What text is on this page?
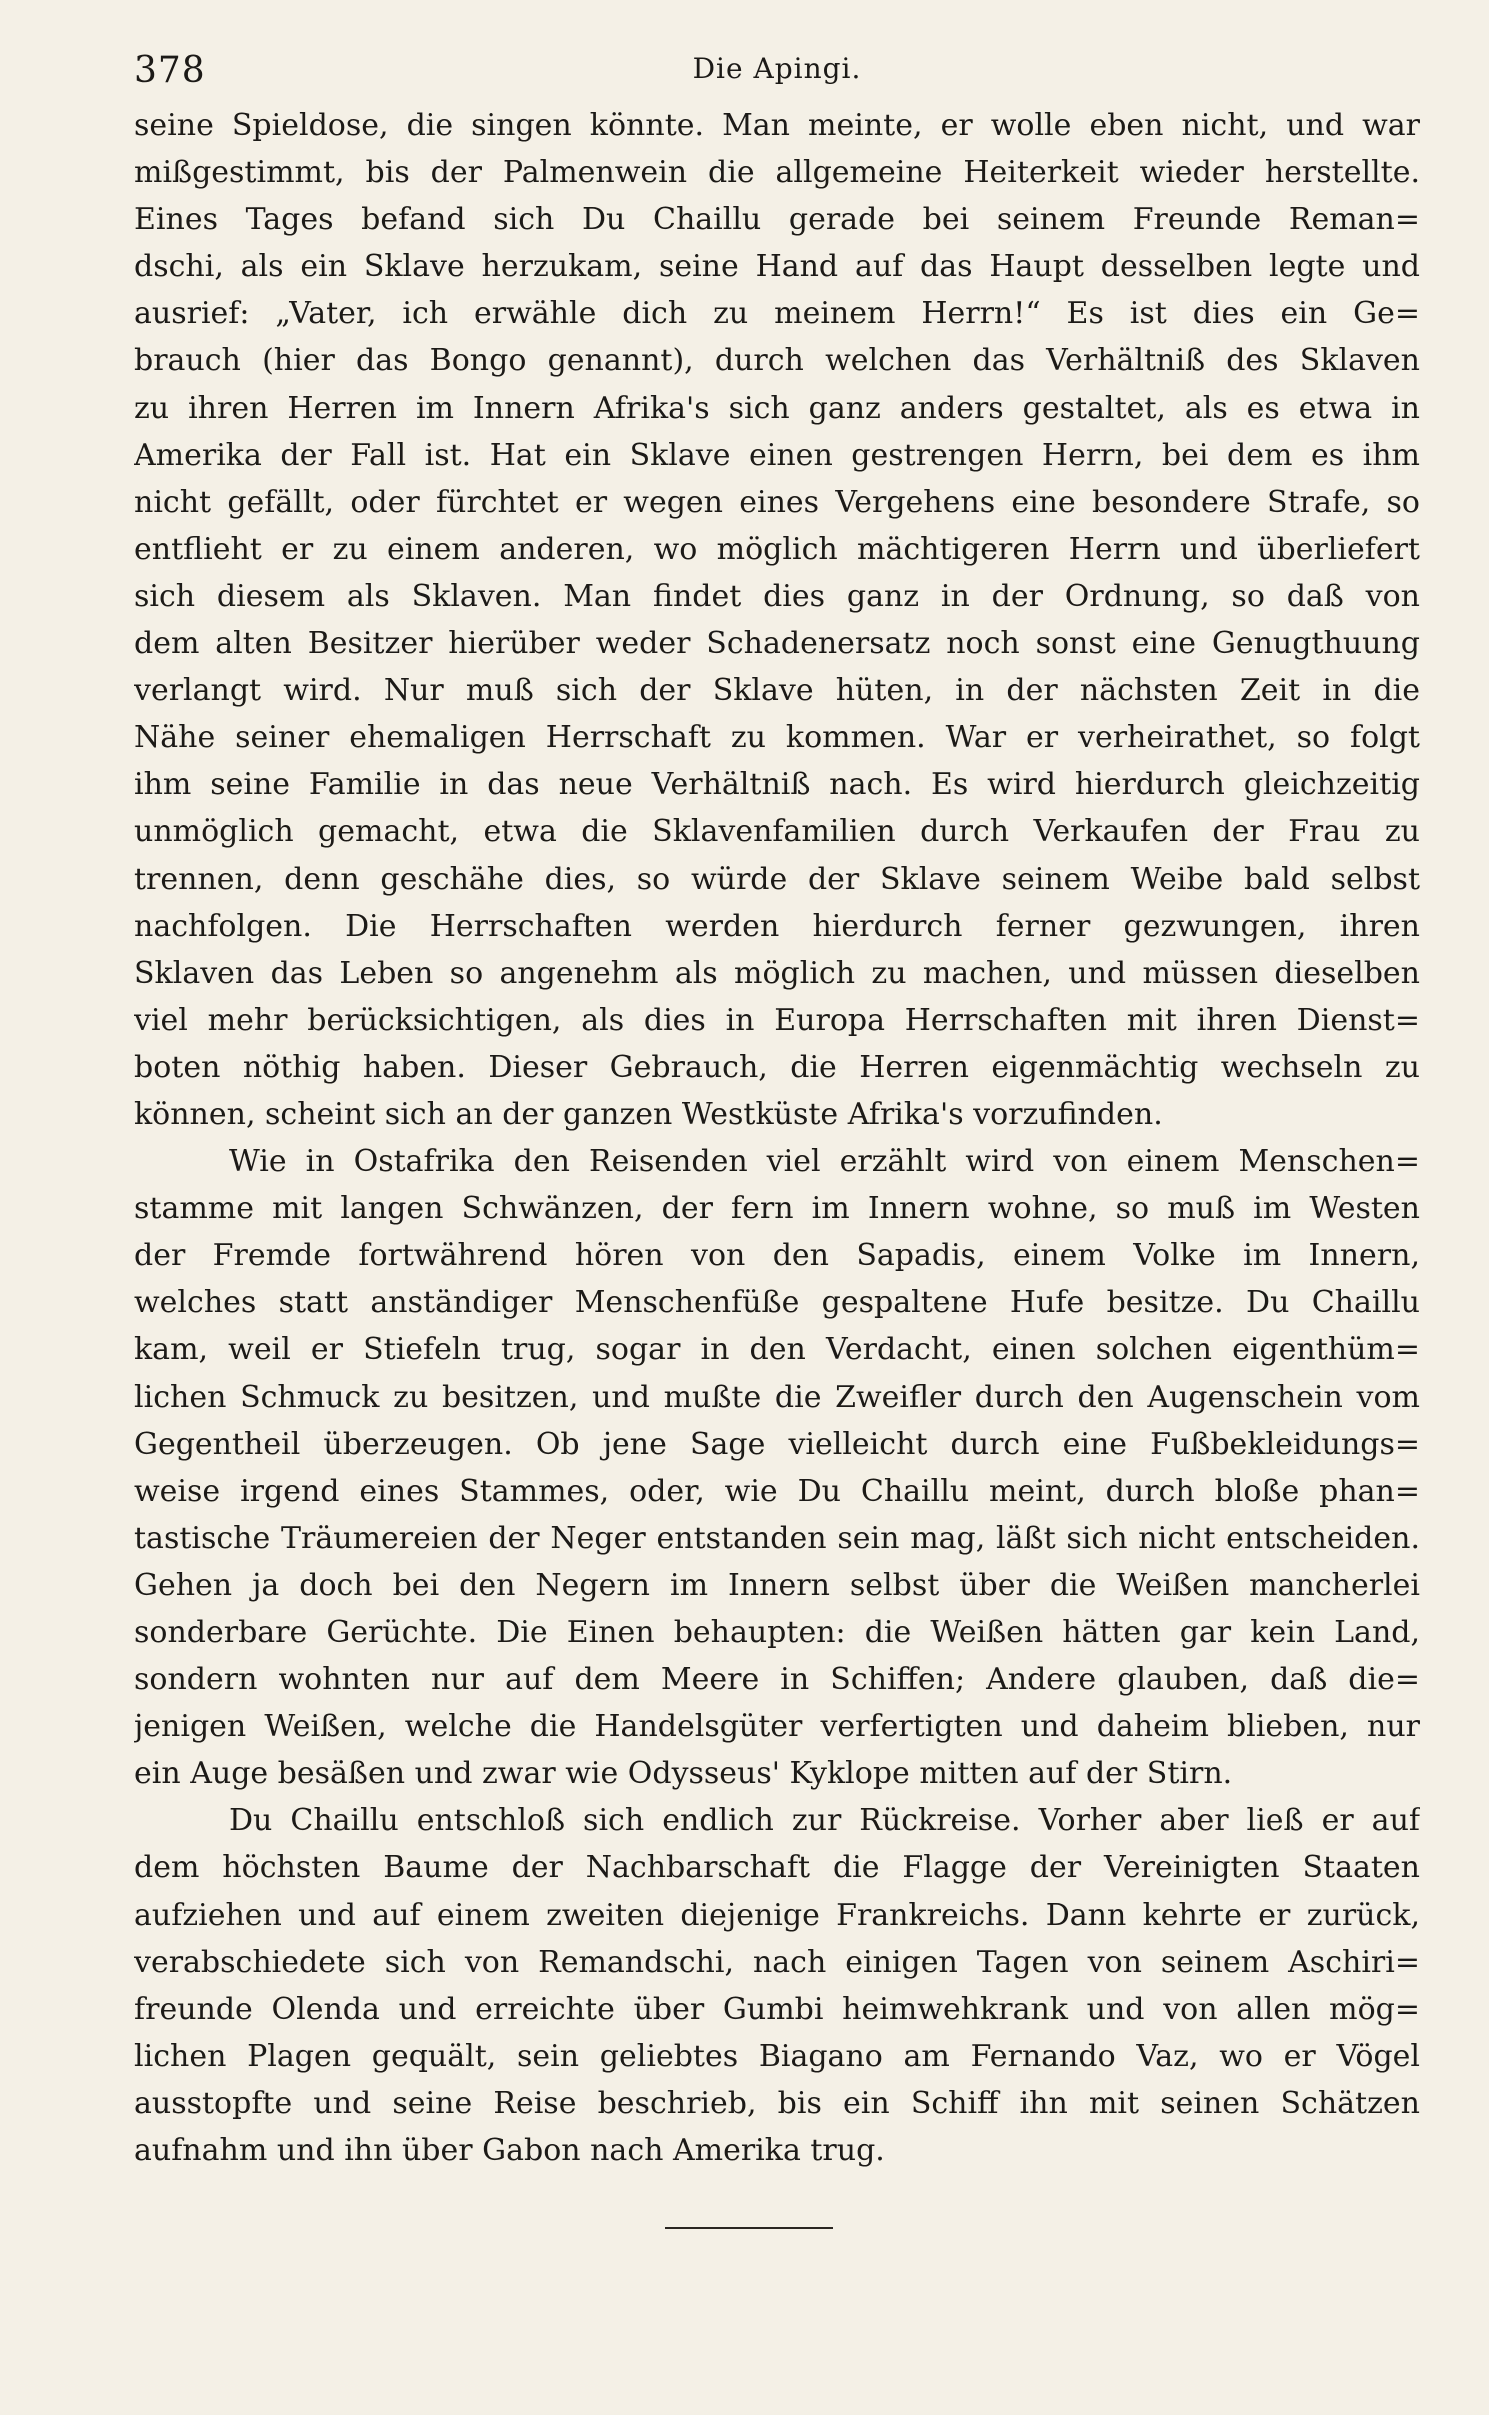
378	Die Apingi.
seine Spieldose, die singen könnte. Man meinte, er wolle eben nicht, und war
mißgestimmt, bis der Palmenwein die allgemeine Heiterkeit wieder herstellte.
Eines Tages befand sich Du Chaillu gerade bei seinem Freunde Reman=
dschi, als ein Sklave herzukam, seine Hand auf das Haupt desselben legte und
ausrief: „Vater, ich erwähle dich zu meinem Herrn!“ Es ist dies ein Ge=
brauch (hier das Bongo genannt), durch welchen das Verhältniß des Sklaven
zu ihren Herren im Innern Afrika's sich ganz anders gestaltet, als es etwa in
Amerika der Fall ist. Hat ein Sklave einen gestrengen Herrn, bei dem es ihm
nicht gefällt, oder fürchtet er wegen eines Vergehens eine besondere Strafe, so
entflieht er zu einem anderen, wo möglich mächtigeren Herrn und überliefert
sich diesem als Sklaven. Man findet dies ganz in der Ordnung, so daß von
dem alten Besitzer hierüber weder Schadenersatz noch sonst eine Genugthuung
verlangt wird. Nur muß sich der Sklave hüten, in der nächsten Zeit in die
Nähe seiner ehemaligen Herrschaft zu kommen. War er verheirathet, so folgt
ihm seine Familie in das neue Verhältniß nach. Es wird hierdurch gleichzeitig
unmöglich gemacht, etwa die Sklavenfamilien durch Verkaufen der Frau zu
trennen, denn geschähe dies, so würde der Sklave seinem Weibe bald selbst
nachfolgen. Die Herrschaften werden hierdurch ferner gezwungen, ihren
Sklaven das Leben so angenehm als möglich zu machen, und müssen dieselben
viel mehr berücksichtigen, als dies in Europa Herrschaften mit ihren Dienst=
boten nöthig haben. Dieser Gebrauch, die Herren eigenmächtig wechseln zu
können, scheint sich an der ganzen Westküste Afrika's vorzufinden.
Wie in Ostafrika den Reisenden viel erzählt wird von einem Menschen=
stamme mit langen Schwänzen, der fern im Innern wohne, so muß im Westen
der Fremde fortwährend hören von den Sapadis, einem Volke im Innern,
welches statt anständiger Menschenfüße gespaltene Hufe besitze. Du Chaillu
kam, weil er Stiefeln trug, sogar in den Verdacht, einen solchen eigenthüm=
lichen Schmuck zu besitzen, und mußte die Zweifler durch den Augenschein vom
Gegentheil überzeugen. Ob jene Sage vielleicht durch eine Fußbekleidungs=
weise irgend eines Stammes, oder, wie Du Chaillu meint, durch bloße phan=
tastische Träumereien der Neger entstanden sein mag, läßt sich nicht entscheiden.
Gehen ja doch bei den Negern im Innern selbst über die Weißen mancherlei
sonderbare Gerüchte. Die Einen behaupten: die Weißen hätten gar kein Land,
sondern wohnten nur auf dem Meere in Schiffen; Andere glauben, daß die=
jenigen Weißen, welche die Handelsgüter verfertigten und daheim blieben, nur
ein Auge besäßen und zwar wie Odysseus' Kyklope mitten auf der Stirn.
Du Chaillu entschloß sich endlich zur Rückreise. Vorher aber ließ er auf
dem höchsten Baume der Nachbarschaft die Flagge der Vereinigten Staaten
aufziehen und auf einem zweiten diejenige Frankreichs. Dann kehrte er zurück,
verabschiedete sich von Remandschi, nach einigen Tagen von seinem Aschiri=
freunde Olenda und erreichte über Gumbi heimwehkrank und von allen mög=
lichen Plagen gequält, sein geliebtes Biagano am Fernando Vaz, wo er Vögel
ausstopfte und seine Reise beschrieb, bis ein Schiff ihn mit seinen Schätzen
aufnahm und ihn über Gabon nach Amerika trug.
